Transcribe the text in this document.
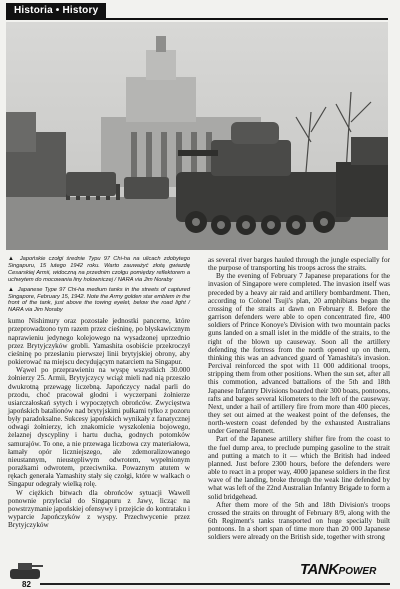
Historia • History

▲ Japońskie czołgi średnie Typu 97 Chi-ha na ulicach zdobytego Singapuru, 15 lutego 1942 roku. Warto zauważyć złotą gwiazdę Cesarskiej Armii, widoczną na przednim czołgu pomiędzy reflektorem a uchwytem do mocowania liny holowniczej / NARA via Jim Noraby

▲ Japanese Type 97 Chi-ha medium tanks in the streets of captured Singapore, February 15, 1942. Note the Army golden star emblem in the front of the tank, just above the towing eyelet, below the road light / NARA via Jim Noraby

kumo Nishimury oraz pozostałe jednostki pancerne, które przeprowadzono tym razem przez cieśninę, po błyskawicznym naprawieniu jedynego kolejowego na wysadzonej uprzednio przez Brytyjczyków grobli. Yamashita osobiście przekroczył cieśninę po przesłaniu pierwszej linii brytyjskiej obrony, aby pokierować na miejscu decydującym natarciem na Singapur.

Wąwel po przeprawieniu na wyspę wszystkich 30.000 żołnierzy 25. Armii, Brytyjczycy wciąż mieli nad nią przeszło dwukrotną przewagę liczebną. Japończycy nadal parli do przodu, choć pracował głodni i wyczerpani żołnierze usiarczałoskań sytych i wypoczętych obrońców. Zwycięstwa japońskich batalionów nad brytyjskimi pułkami tylko z pozoru były paradoksalne. Sukcesy japońskich wynikały z fanatycznej odwagi żołnierzy, ich znakomicie wyszkolenia bojowego, żelaznej dyscypliny i hartu ducha, godnych potomków samurajów. To one, a nie przewaga liczbowa czy materiałowa, łamały opór liczniejszego, ale zdemoralizowanego nieustannym, nieustępliwym odwrotem, wypełnionym porażkami odwrotem, przeciwnika. Powaznym atutem w rękach generała Yamashity stały się czołgi, które w walkach o Singapur odegrały wielką rolę.

W ciężkich bitwach dla obrońców sytuacji Wawell ponownie przyleciał do Singapuru z Jawy, licząc na powstrzymanie japońskiej ofensywy i przejście do kontrataku i wyparcie Japończyków z wyspy. Przechwycenie przez Brytyjczyków

as several river barges hauled through the jungle especially for the purpose of transporting his troops across the straits.

By the evening of February 7 Japanese preparations for the invasion of Singapore were completed. The invasion itself was preceded by a heavy air raid and artillery bombardment. Then, according to Colonel Tsuji's plan, 20 amphibians began the crossing of the straits at dawn on February 8. Before the garrison defenders were able to open concentrated fire, 400 soldiers of Prince Konoye's Division with two mountain packs guns landed on a small islet in the middle of the straits, to the right of the blown up causeway. Soon all the artillery defending the fortress from the north opened up on them, thinking this was an advanced guard of Yamashita's invasion. Percival reinforced the spot with 11 000 additional troops, stripping them from other positions. When the sun set, after all this commotion, advanced battalions of the 5th and 18th Japanese Infantry Divisions boarded their 300 boats, pontoons, rafts and barges several kilometers to the left of the causeway. Next, under a hail of artillery fire from more than 400 pieces, they set out aimed at the weakest point of the defenses, the north-western coast defended by the exhausted Australians under General Bennett.

Part of the Japanese artillery shifter fire from the coast to the fuel dump area, to preclude pumping gasoline to the strait and putting a match to it — which the British had indeed planned. Just before 2300 hours, before the defenders were able to react in a proper way, 4000 japanese soldiers in the first wave of the landing, broke through the weak line defended by what was left of the 22nd Australian Infantry Brigade to form a solid bridgehead.

After them more of the 5th and 18th Division's troops crossed the straits on throught of February 8/9, along with the 6th Regiment's tanks transported on huge specially built pontoons. In a short span of time more than 20 000 Japanese soldiers were already on the British side, together with strong

82
TANKPOWER
